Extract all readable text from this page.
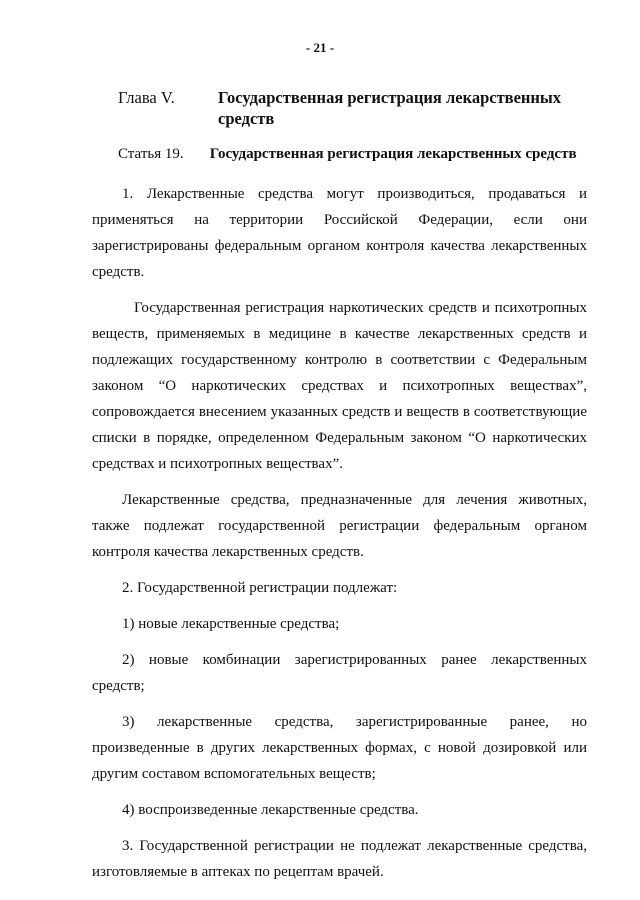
- 21 -
Глава V.	Государственная регистрация лекарственных средств
Статья 19. Государственная регистрация лекарственных средств

1. Лекарственные средства могут производиться, продаваться и применяться на территории Российской Федерации, если они зарегистрированы федеральным органом контроля качества лекарственных средств.

Государственная регистрация наркотических средств и психотропных веществ, применяемых в медицине в качестве лекарственных средств и подлежащих государственному контролю в соответствии с Федеральным законом “О наркотических средствах и психотропных веществах”, сопровождается внесением указанных средств и веществ в соответствующие списки в порядке, определенном Федеральным законом “О наркотических средствах и психотропных веществах”.

Лекарственные средства, предназначенные для лечения животных, также подлежат государственной регистрации федеральным органом контроля качества лекарственных средств.

2. Государственной регистрации подлежат:

1) новые лекарственные средства;

2) новые комбинации зарегистрированных ранее лекарственных средств;

3) лекарственные средства, зарегистрированные ранее, но произведенные в других лекарственных формах, с новой дозировкой или другим составом вспомогательных веществ;

4) воспроизведенные лекарственные средства.

3. Государственной регистрации не подлежат лекарственные средства, изготовляемые в аптеках по рецептам врачей.
